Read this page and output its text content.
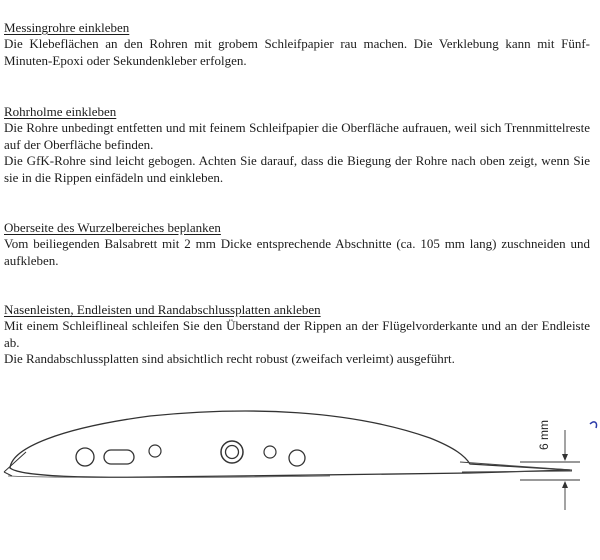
Messingrohre einkleben

Die Klebeflächen an den Rohren mit grobem Schleifpapier rau machen. Die Verklebung kann mit Fünf-Minuten-Epoxi oder Sekundenkleber erfolgen.

Rohrholme einkleben

Die Rohre unbedingt entfetten und mit feinem Schleifpapier die Oberfläche aufrauen, weil sich Trennmittelreste auf der Oberfläche befinden.

Die GfK-Rohre sind leicht gebogen. Achten Sie darauf, dass die Biegung der Rohre nach oben zeigt, wenn Sie sie in die Rippen einfädeln und einkleben.

Oberseite des Wurzelbereiches beplanken

Vom beiliegenden Balsabrett mit 2 mm Dicke entsprechende Abschnitte (ca. 105 mm lang) zuschneiden und aufkleben.

Nasenleisten, Endleisten und Randabschlussplatten ankleben

Mit einem Schleiflineal schleifen Sie den Überstand der Rippen an der Flügelvorderkante und an der Endleiste ab.

Die Randabschlussplatten sind absichtlich recht robust (zweifach verleimt) ausgeführt.

6 mm
